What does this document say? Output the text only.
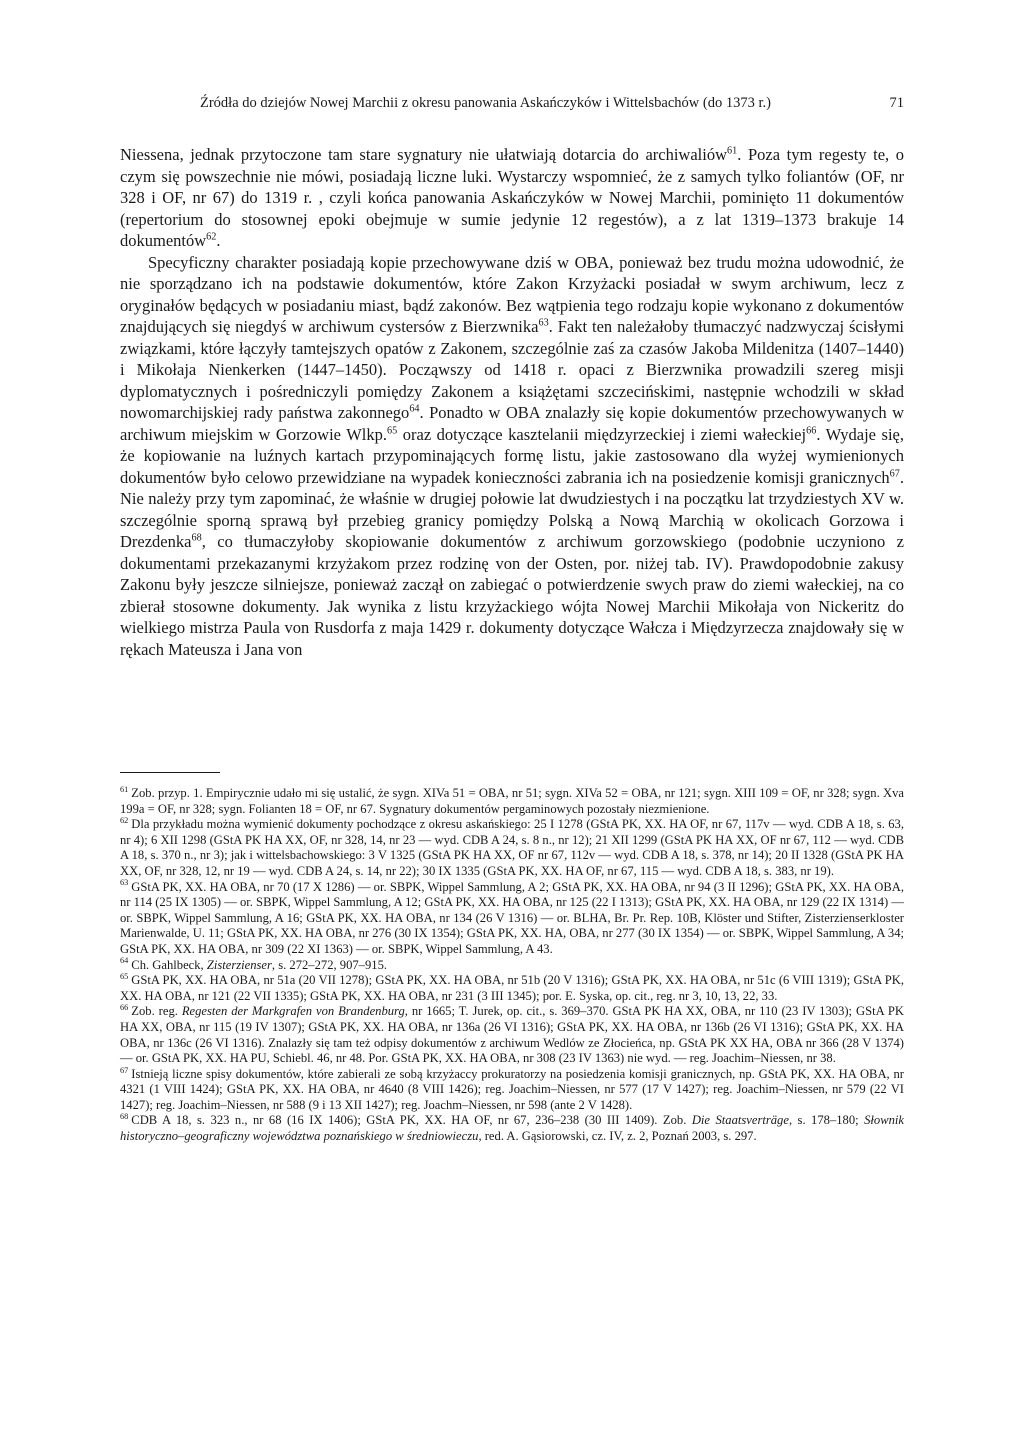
Źródła do dziejów Nowej Marchii z okresu panowania Askańczyków i Wittelsbachów (do 1373 r.)	71

Niessena, jednak przytoczone tam stare sygnatury nie ułatwiają dotarcia do archiwaliów$^{61}$. Poza tym regesty te, o czym się powszechnie nie mówi, posiadają liczne luki. Wystarczy wspomnieć, że z samych tylko foliantów (OF, nr 328 i OF, nr 67) do 1319 r. , czyli końca panowania Askańczyków w Nowej Marchii, pominięto 11 dokumentów (repertorium do stosownej epoki obejmuje w sumie jedynie 12 regestów), a z lat 1319–1373 brakuje 14 dokumentów$^{62}$.

Specyficzny charakter posiadają kopie przechowywane dziś w OBA, ponieważ bez trudu można udowodnić, że nie sporządzano ich na podstawie dokumentów, które Zakon Krzyżacki posiadał w swym archiwum, lecz z oryginałów będących w posiadaniu miast, bądź zakonów. Bez wątpienia tego rodzaju kopie wykonano z dokumentów znajdujących się niegdyś w archiwum cystersów z Bierzwnika$^{63}$. Fakt ten należałoby tłumaczyć nadzwyczaj ścisłymi związkami, które łączyły tamtejszych opatów z Zakonem, szczególnie zaś za czasów Jakoba Mildenitza (1407–1440) i Mikołaja Nienkerken (1447–1450). Począwszy od 1418 r. opaci z Bierzwnika prowadzili szereg misji dyplomatycznych i pośredniczyli pomiędzy Zakonem a książętami szczecińskimi, następnie wchodzili w skład nowomarchijskiej rady państwa zakonnego$^{64}$. Ponadto w OBA znalazły się kopie dokumentów przechowywanych w archiwum miejskim w Gorzowie Wlkp.$^{65}$ oraz dotyczące kasztelanii międzyrzeckiej i ziemi wałeckiej$^{66}$. Wydaje się, że kopiowanie na luźnych kartach przypominających formę listu, jakie zastosowano dla wyżej wymienionych dokumentów było celowo przewidziane na wypadek konieczności zabrania ich na posiedzenie komisji granicznych$^{67}$. Nie należy przy tym zapominać, że właśnie w drugiej połowie lat dwudziestych i na początku lat trzydziestych XV w. szczególnie sporną sprawą był przebieg granicy pomiędzy Polską a Nową Marchią w okolicach Gorzowa i Drezdenka$^{68}$, co tłumaczyłoby skopiowanie dokumentów z archiwum gorzowskiego (podobnie uczyniono z dokumentami przekazanymi krzyżakom przez rodzinę von der Osten, por. niżej tab. IV). Prawdopodobnie zakusy Zakonu były jeszcze silniejsze, ponieważ zaczął on zabiegać o potwierdzenie swych praw do ziemi wałeckiej, na co zbierał stosowne dokumenty. Jak wynika z listu krzyżackiego wójta Nowej Marchii Mikołaja von Nickeritz do wielkiego mistrza Paula von Rusdorfa z maja 1429 r. dokumenty dotyczące Wałcza i Międzyrzecza znajdowały się w rękach Mateusza i Jana von

$^{61}$ Zob. przyp. 1. Empirycznie udało mi się ustalić, że sygn. XIVa 51 = OBA, nr 51; sygn. XIVa 52 = OBA, nr 121; sygn. XIII 109 = OF, nr 328; sygn. Xva 199a = OF, nr 328; sygn. Folianten 18 = OF, nr 67. Sygnatury dokumentów pergaminowych pozostały niezmienione.

$^{62}$ Dla przykładu można wymienić dokumenty pochodzące z okresu askańskiego: 25 I 1278 (GStA PK, XX. HA OF, nr 67, 117v — wyd. CDB A 18, s. 63, nr 4); 6 XII 1298 (GStA PK HA XX, OF, nr 328, 14, nr 23 — wyd. CDB A 24, s. 8 n., nr 12); 21 XII 1299 (GStA PK HA XX, OF nr 67, 112 — wyd. CDB A 18, s. 370 n., nr 3); jak i wittelsbachowskiego: 3 V 1325 (GStA PK HA XX, OF nr 67, 112v — wyd. CDB A 18, s. 378, nr 14); 20 II 1328 (GStA PK HA XX, OF, nr 328, 12, nr 19 — wyd. CDB A 24, s. 14, nr 22); 30 IX 1335 (GStA PK, XX. HA OF, nr 67, 115 — wyd. CDB A 18, s. 383, nr 19).

$^{63}$ GStA PK, XX. HA OBA, nr 70 (17 X 1286) — or. SBPK, Wippel Sammlung, A 2; GStA PK, XX. HA OBA, nr 94 (3 II 1296); GStA PK, XX. HA OBA, nr 114 (25 IX 1305) — or. SBPK, Wippel Sammlung, A 12; GStA PK, XX. HA OBA, nr 125 (22 I 1313); GStA PK, XX. HA OBA, nr 129 (22 IX 1314) — or. SBPK, Wippel Sammlung, A 16; GStA PK, XX. HA OBA, nr 134 (26 V 1316) — or. BLHA, Br. Pr. Rep. 10B, Klöster und Stifter, Zisterzienserkloster Marienwalde, U. 11; GStA PK, XX. HA OBA, nr 276 (30 IX 1354); GStA PK, XX. HA, OBA, nr 277 (30 IX 1354) — or. SBPK, Wippel Sammlung, A 34; GStA PK, XX. HA OBA, nr 309 (22 XI 1363) — or. SBPK, Wippel Sammlung, A 43.

$^{64}$ Ch. Gahlbeck, Zisterzienser, s. 272–272, 907–915.

$^{65}$ GStA PK, XX. HA OBA, nr 51a (20 VII 1278); GStA PK, XX. HA OBA, nr 51b (20 V 1316); GStA PK, XX. HA OBA, nr 51c (6 VIII 1319); GStA PK, XX. HA OBA, nr 121 (22 VII 1335); GStA PK, XX. HA OBA, nr 231 (3 III 1345); por. E. Syska, op. cit., reg. nr 3, 10, 13, 22, 33.

$^{66}$ Zob. reg. Regesten der Markgrafen von Brandenburg, nr 1665; T. Jurek, op. cit., s. 369–370. GStA PK HA XX, OBA, nr 110 (23 IV 1303); GStA PK HA XX, OBA, nr 115 (19 IV 1307); GStA PK, XX. HA OBA, nr 136a (26 VI 1316); GStA PK, XX. HA OBA, nr 136b (26 VI 1316); GStA PK, XX. HA OBA, nr 136c (26 VI 1316). Znalazły się tam też odpisy dokumentów z archiwum Wedlów ze Złocieńca, np. GStA PK XX HA, OBA nr 366 (28 V 1374) — or. GStA PK, XX. HA PU, Schiebl. 46, nr 48. Por. GStA PK, XX. HA OBA, nr 308 (23 IV 1363) nie wyd. — reg. Joachim–Niessen, nr 38.

$^{67}$ Istnieją liczne spisy dokumentów, które zabierali ze sobą krzyżaccy prokuratorzy na posiedzenia komisji granicznych, np. GStA PK, XX. HA OBA, nr 4321 (1 VIII 1424); GStA PK, XX. HA OBA, nr 4640 (8 VIII 1426); reg. Joachim–Niessen, nr 577 (17 V 1427); reg. Joachim–Niessen, nr 579 (22 VI 1427); reg. Joachim–Niessen, nr 588 (9 i 13 XII 1427); reg. Joachm–Niessen, nr 598 (ante 2 V 1428).

$^{68}$ CDB A 18, s. 323 n., nr 68 (16 IX 1406); GStA PK, XX. HA OF, nr 67, 236–238 (30 III 1409). Zob. Die Staatsverträge, s. 178–180; Słownik historyczno–geograficzny województwa poznańskiego w średniowieczu, red. A. Gąsiorowski, cz. IV, z. 2, Poznań 2003, s. 297.
